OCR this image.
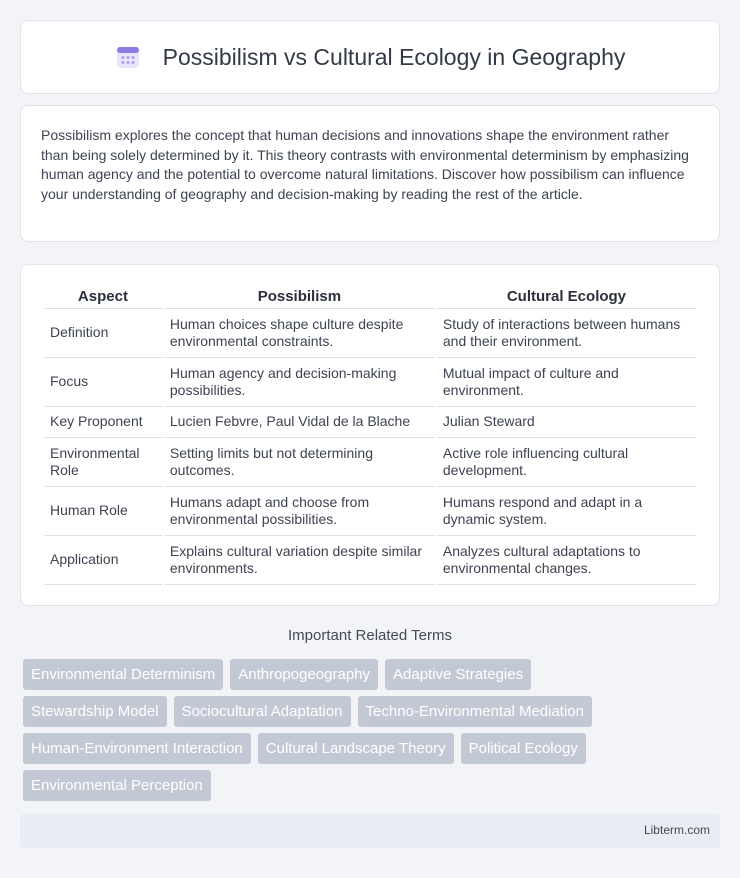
Possibilism vs Cultural Ecology in Geography

Possibilism explores the concept that human decisions and innovations shape the environment rather than being solely determined by it. This theory contrasts with environmental determinism by emphasizing human agency and the potential to overcome natural limitations. Discover how possibilism can influence your understanding of geography and decision-making by reading the rest of the article.

Aspect	Possibilism	Cultural Ecology
Definition	Human choices shape culture despite environmental constraints.	Study of interactions between humans and their environment.
Focus	Human agency and decision-making possibilities.	Mutual impact of culture and environment.
Key Proponent	Lucien Febvre, Paul Vidal de la Blache	Julian Steward
Environmental Role	Setting limits but not determining outcomes.	Active role influencing cultural development.
Human Role	Humans adapt and choose from environmental possibilities.	Humans respond and adapt in a dynamic system.
Application	Explains cultural variation despite similar environments.	Analyzes cultural adaptations to environmental changes.
Important Related Terms
Environmental Determinism	Anthropogeography	Adaptive Strategies
Stewardship Model	Sociocultural Adaptation	Techno-Environmental Mediation
Human-Environment Interaction	Cultural Landscape Theory	Political Ecology
Environmental Perception
Libterm.com
